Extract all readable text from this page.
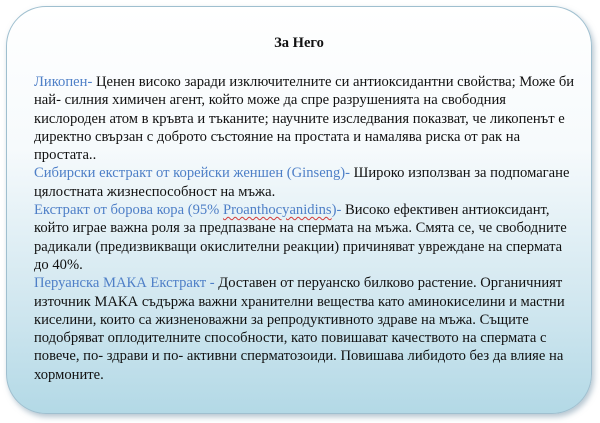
За Него

Ликопен- Ценен високо заради изключителните си антиоксидантни свойства; Може би най- силния химичен агент, който може да спре разрушенията на свободния кислороден атом в кръвта и тъканите; научните изследвания показват, че ликопенът е директно свързан с доброто състояние на простата и намалява риска от рак на простата..

Сибирски екстракт от корейски женшен (Ginseng)- Широко използван за подпомагане цялостната жизнеспособност на мъжа.

Екстракт от борова кора (95% Proanthocyanidins)- Високо ефективен антиоксидант, който играе важна роля за предпазване на спермата на мъжа. Смята се, че свободните радикали (предизвикващи окислителни реакции) причиняват увреждане на спермата до 40%.

Перуанска МАКА Екстракт - Доставен от перуанско билково растение. Органичният източник МАКА съдържа важни хранителни вещества като аминокиселини и мастни киселини, които са жизненоважни за репродуктивното здраве на мъжа. Същите подобряват оплодителните способности, като повишават качеството на спермата с повече, по- здрави и по- активни сперматозоиди. Повишава либидото без да влияе на хормоните.
